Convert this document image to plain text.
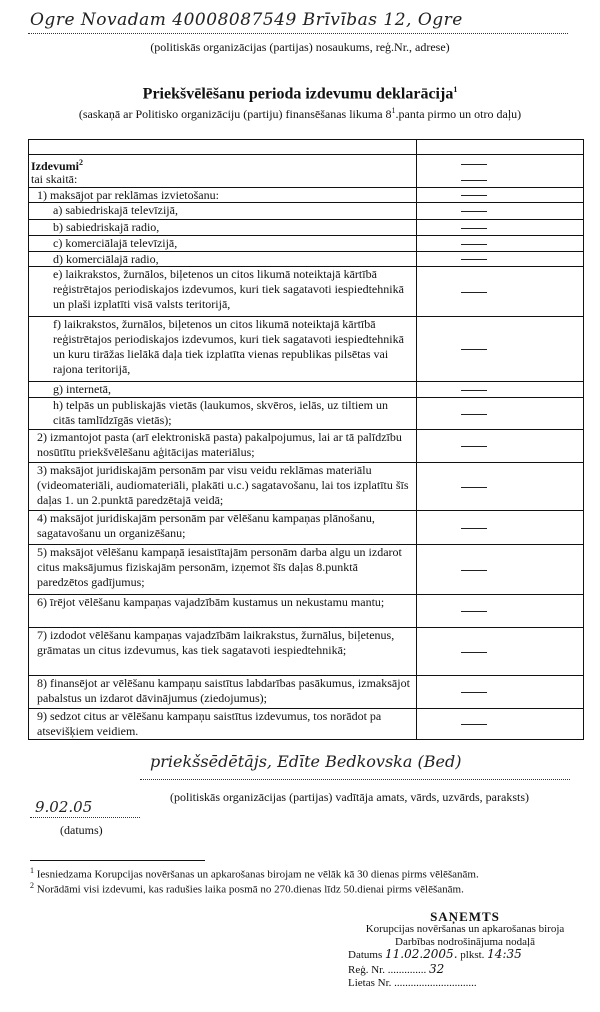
Ogre Novadam 40008087549 Brīvības 12, Ogre
(politiskās organizācijas (partijas) nosaukums, reģ.Nr., adrese)
Priekšvēlēšanu perioda izdevumu deklarācija$^1$
(saskaņā ar Politisko organizāciju (partiju) finansēšanas likuma $8^1.panta$ pirmo un otro daļu)
Izdevumi$^2$
tai skaitā:
1) maksājot par reklāmas izvietošanu:
a) sabiedriskajā televīzijā,
b) sabiedriskajā radio,
c) komerciālajā televīzijā,
d) komerciālajā radio,
e) laikrakstos, žurnālos, biļetenos un citos likumā noteiktajā kārtībā reģistrētajos periodiskajos izdevumos, kuri tiek sagatavoti iespiedtehnikā un plaši izplatīti visā valsts teritorijā,
f) laikrakstos, žurnālos, biļetenos un citos likumā noteiktajā kārtībā reģistrētajos periodiskajos izdevumos, kuri tiek sagatavoti iespiedtehnikā un kuru tirāžas lielākā daļa tiek izplatīta vienas republikas pilsētas vai rajona teritorijā,
g) internetā,
h) telpās un publiskajās vietās (laukumos, skvēros, ielās, uz tiltiem un citās tamlīdzīgās vietās);
2) izmantojot pasta (arī elektroniskā pasta) pakalpojumus, lai ar tā palīdzību nosūtītu priekšvēlēšanu aģitācijas materiālus;
3) maksājot juridiskajām personām par visu veidu reklāmas materiālu (videomateriāli, audiomateriāli, plakāti u.c.) sagatavošanu, lai tos izplatītu šīs daļas 1. un 2.punktā paredzētajā veidā;
4) maksājot juridiskajām personām par vēlēšanu kampaņas plānošanu, sagatavošanu un organizēšanu;
5) maksājot vēlēšanu kampaņā iesaistītajām personām darba algu un izdarot citus maksājumus fiziskajām personām, izņemot šīs daļas 8.punktā paredzētos gadījumus;
6) īrējot vēlēšanu kampaņas vajadzībām kustamus un nekustamu mantu;
7) izdodot vēlēšanu kampaņas vajadzībām laikrakstus, žurnālus, biļetenus, grāmatas un citus izdevumus, kas tiek sagatavoti iespiedtehnikā;
8) finansējot ar vēlēšanu kampaņu saistītus labdarības pasākumus, izmaksājot pabalstus un izdarot dāvinājumus (ziedojumus);
9) sedzot citus ar vēlēšanu kampaņu saistītus izdevumus, tos norādot pa atsevišķiem veidiem.
priekšsēdētājs, Edīte Bedkovska (Bed)
(politiskās organizācijas (partijas) vadītāja amats, vārds, uzvārds, paraksts)
9.02.05
(datums)
$^1$ Iesniedzama Korupcijas novēršanas un apkarošanas birojam ne vēlāk kā 30 dienas pirms vēlēšanām.
$^2$ Norādāmi visi izdevumi, kas radušies laika posmā no 270.dienas līdz 50.dienai pirms vēlēšanām.
SAŅEMTS
Korupcijas novēršanas un apkarošanas biroja
Darbības nodrošinājuma nodaļā
Datums 11.02.2005. plkst. 14:35
Reģ. Nr. .............. 32
Lietas Nr. ..............................
